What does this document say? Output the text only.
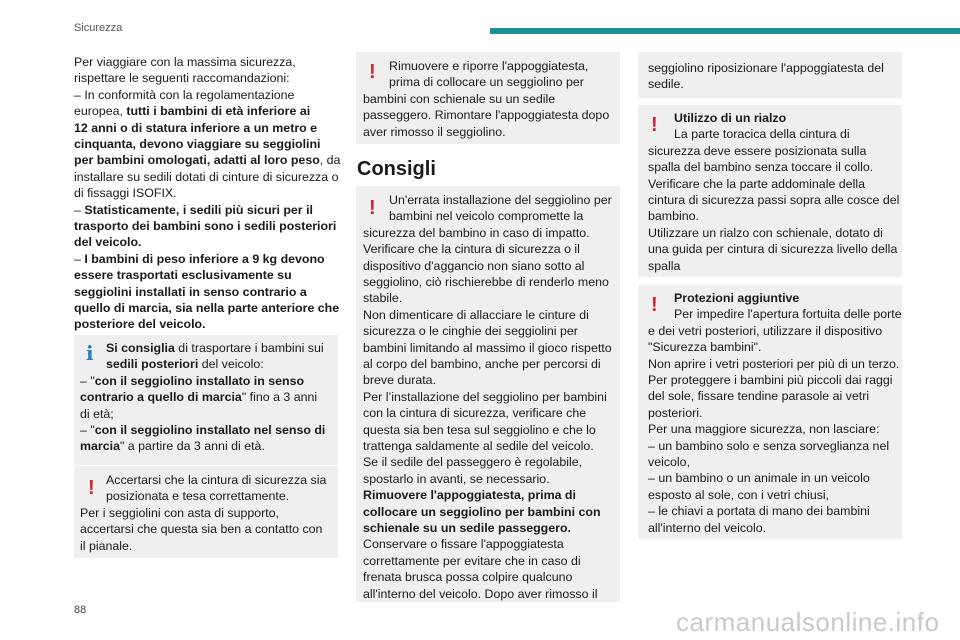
Sicurezza
Per viaggiare con la massima sicurezza,
rispettare le seguenti raccomandazioni:
– In conformità con la regolamentazione
europea, tutti i bambini di età inferiore ai
12 anni o di statura inferiore a un metro e
cinquanta, devono viaggiare su seggiolini
per bambini omologati, adatti al loro peso, da
installare su sedili dotati di cinture di sicurezza o
di fissaggi ISOFIX.
– Statisticamente, i sedili più sicuri per il
trasporto dei bambini sono i sedili posteriori
del veicolo.
– I bambini di peso inferiore a 9 kg devono
essere trasportati esclusivamente su
seggiolini installati in senso contrario a
quello di marcia, sia nella parte anteriore che
posteriore del veicolo.
i Si consiglia di trasportare i bambini sui
sedili posteriori del veicolo:
– "con il seggiolino installato in senso
contrario a quello di marcia" fino a 3 anni
di età;
– "con il seggiolino installato nel senso di
marcia" a partire da 3 anni di età.
! Accertarsi che la cintura di sicurezza sia
posizionata e tesa correttamente.
Per i seggiolini con asta di supporto,
accertarsi che questa sia ben a contatto con
il pianale.
! Rimuovere e riporre l'appoggiatesta,
prima di collocare un seggiolino per
bambini con schienale su un sedile
passeggero. Rimontare l'appoggiatesta dopo
aver rimosso il seggiolino.
Consigli
! Un'errata installazione del seggiolino per
bambini nel veicolo compromette la
sicurezza del bambino in caso di impatto.
Verificare che la cintura di sicurezza o il
dispositivo d'aggancio non siano sotto al
seggiolino, ciò rischierebbe di renderlo meno
stabile.
Non dimenticare di allacciare le cinture di
sicurezza o le cinghie dei seggiolini per
bambini limitando al massimo il gioco rispetto
al corpo del bambino, anche per percorsi di
breve durata.
Per l’installazione del seggiolino per bambini
con la cintura di sicurezza, verificare che
questa sia ben tesa sul seggiolino e che lo
trattenga saldamente al sedile del veicolo.
Se il sedile del passeggero è regolabile,
spostarlo in avanti, se necessario.
Rimuovere l'appoggiatesta, prima di
collocare un seggiolino per bambini con
schienale su un sedile passeggero.
Conservare o fissare l'appoggiatesta
correttamente per evitare che in caso di
frenata brusca possa colpire qualcuno
all'interno del veicolo. Dopo aver rimosso il
seggiolino riposizionare l'appoggiatesta del
sedile.
! Utilizzo di un rialzo
La parte toracica della cintura di
sicurezza deve essere posizionata sulla
spalla del bambino senza toccare il collo.
Verificare che la parte addominale della
cintura di sicurezza passi sopra alle cosce del
bambino.
Utilizzare un rialzo con schienale, dotato di
una guida per cintura di sicurezza livello della
spalla
! Protezioni aggiuntive
Per impedire l'apertura fortuita delle porte
e dei vetri posteriori, utilizzare il dispositivo
"Sicurezza bambini".
Non aprire i vetri posteriori per più di un terzo.
Per proteggere i bambini più piccoli dai raggi
del sole, fissare tendine parasole ai vetri
posteriori.
Per una maggiore sicurezza, non lasciare:
– un bambino solo e senza sorveglianza nel
veicolo,
– un bambino o un animale in un veicolo
esposto al sole, con i vetri chiusi,
– le chiavi a portata di mano dei bambini
all'interno del veicolo.
88	carmanualsonline.info
